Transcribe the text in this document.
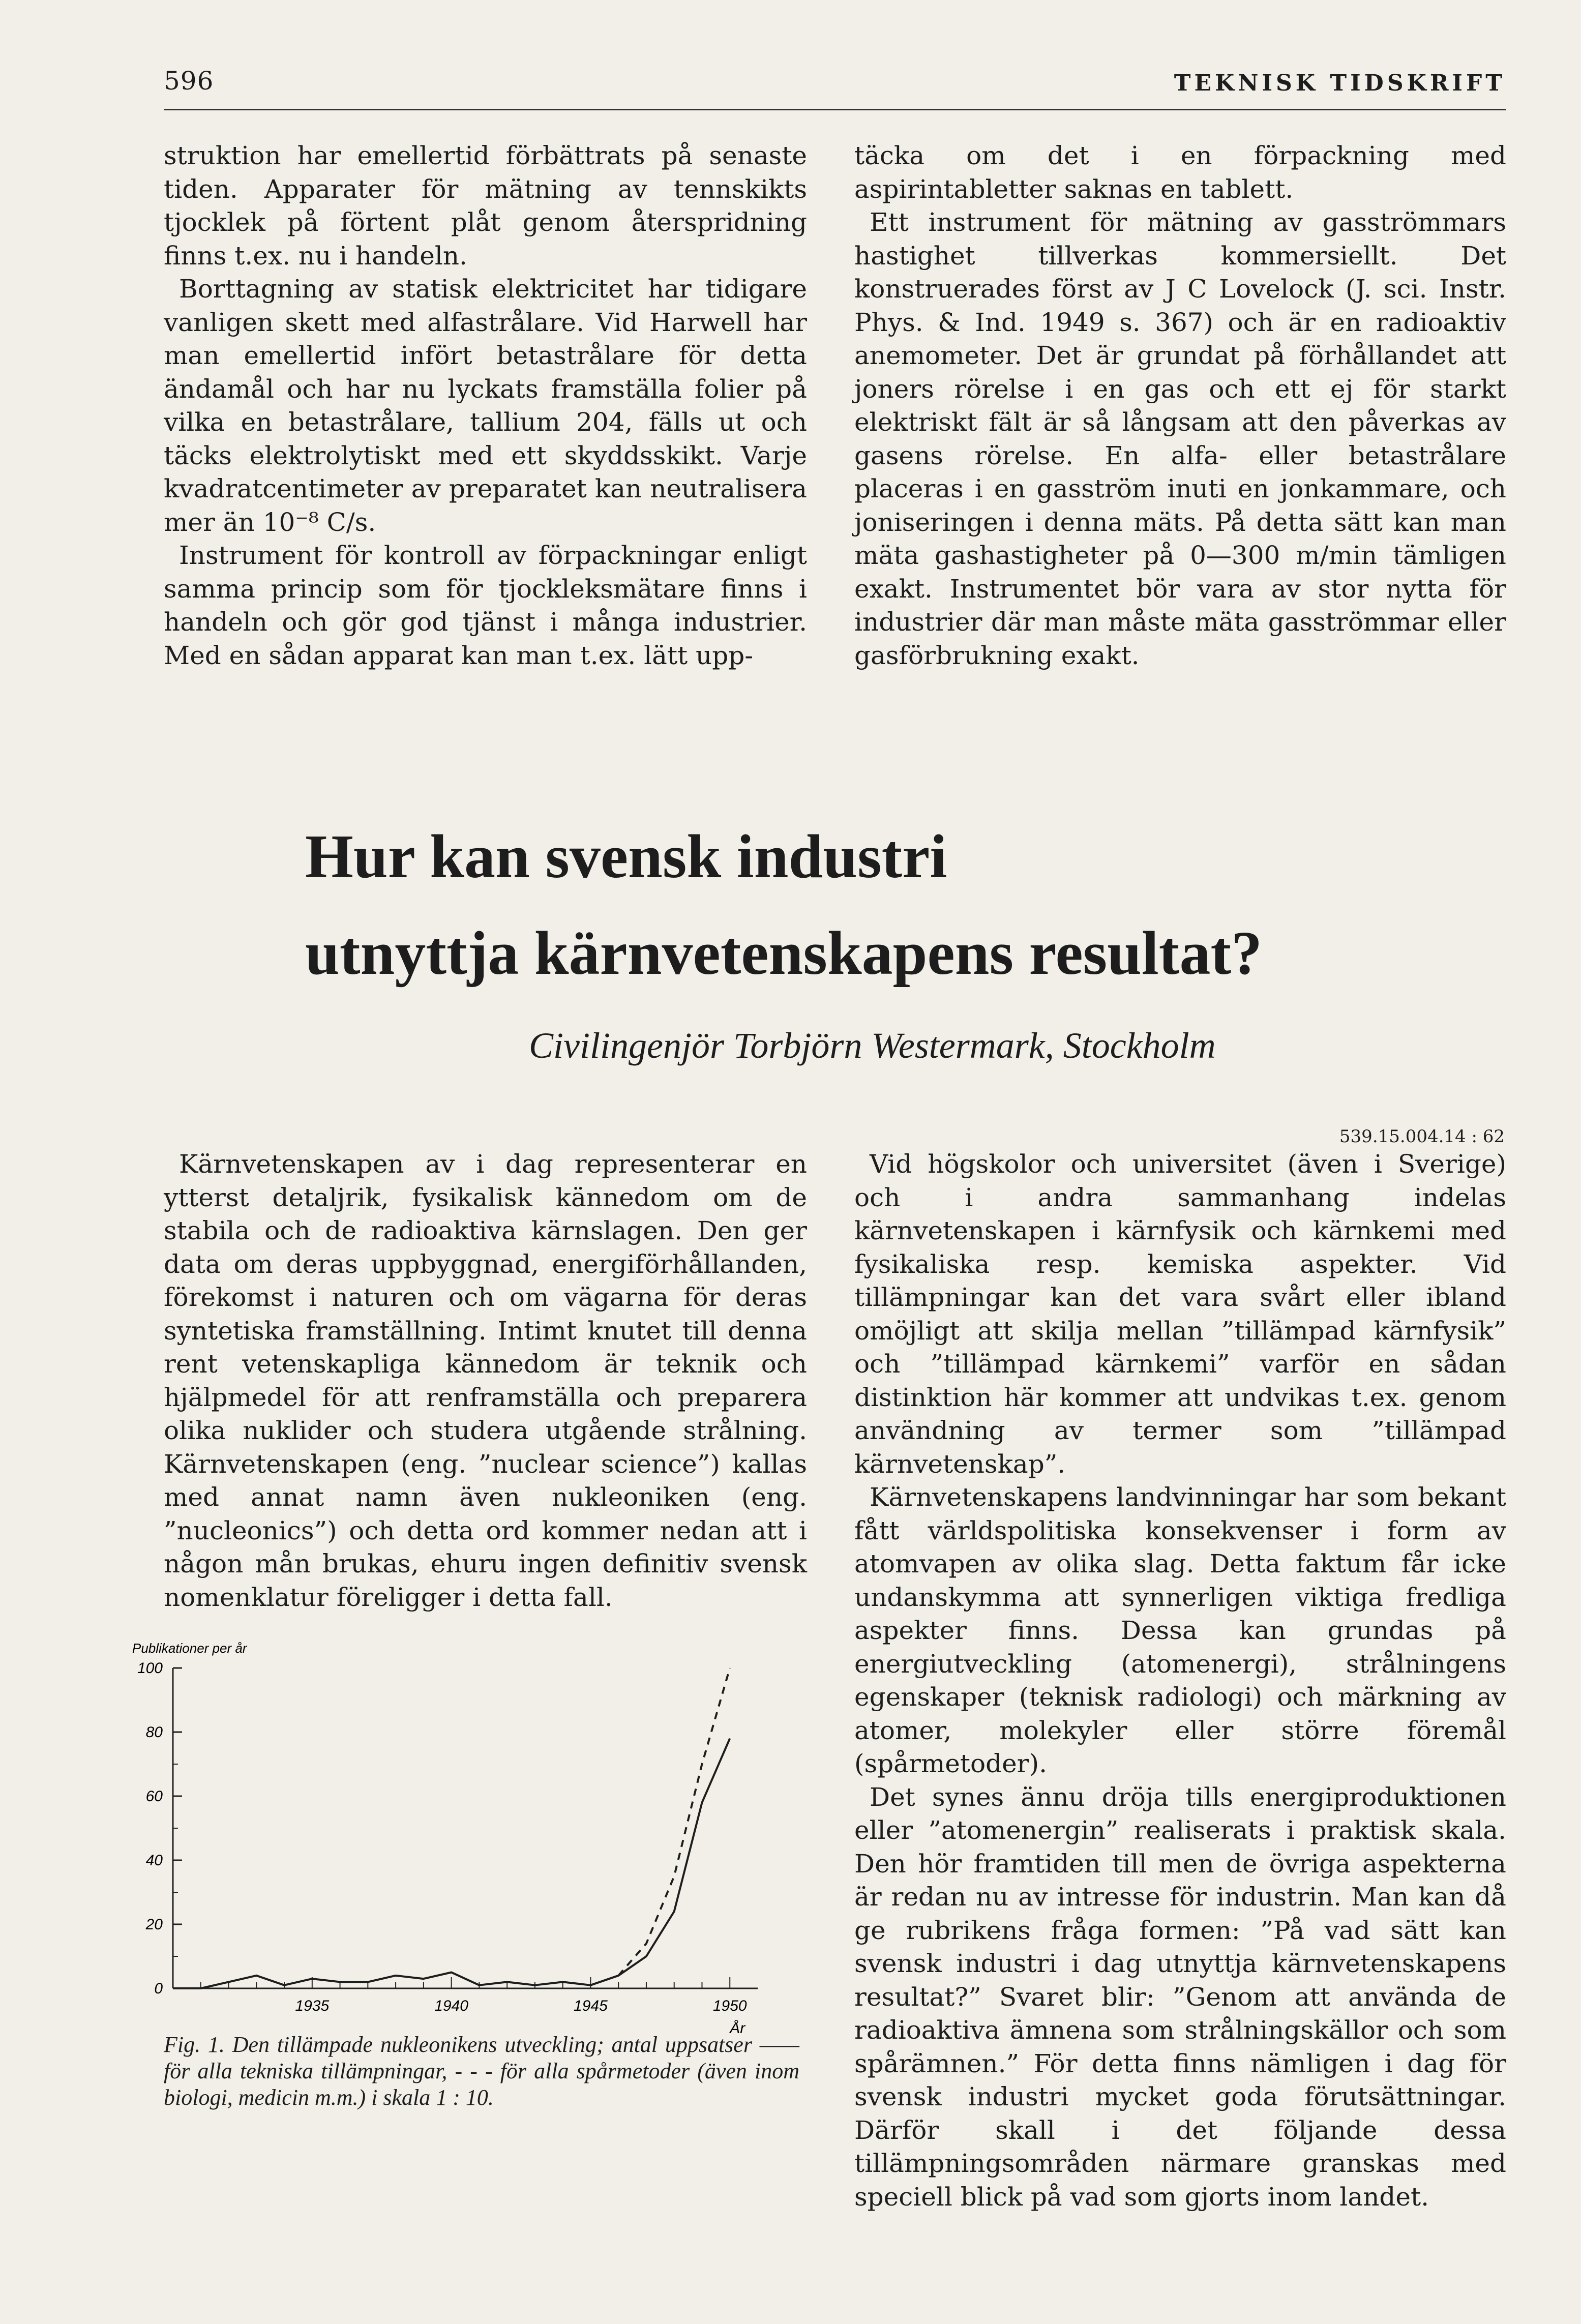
596	TEKNISK TIDSKRIFT

struktion har emellertid förbättrats på senaste tiden. Apparater för mätning av tennskikts tjocklek på förtent plåt genom återspridning finns t.ex. nu i handeln.

Borttagning av statisk elektricitet har tidigare vanligen skett med alfastrålare. Vid Harwell har man emellertid infört betastrålare för detta ändamål och har nu lyckats framställa folier på vilka en betastrålare, tallium 204, fälls ut och täcks elektrolytiskt med ett skyddsskikt. Varje kvadratcentimeter av preparatet kan neutralisera mer än 10⁻⁸ C/s.

Instrument för kontroll av förpackningar enligt samma princip som för tjockleksmätare finns i handeln och gör god tjänst i många industrier. Med en sådan apparat kan man t.ex. lätt upp-

täcka om det i en förpackning med aspirintabletter saknas en tablett.

Ett instrument för mätning av gasströmmars hastighet tillverkas kommersiellt. Det konstruerades först av J C Lovelock (J. sci. Instr. Phys. & Ind. 1949 s. 367) och är en radioaktiv anemometer. Det är grundat på förhållandet att joners rörelse i en gas och ett ej för starkt elektriskt fält är så långsam att den påverkas av gasens rörelse. En alfa- eller betastrålare placeras i en gasström inuti en jonkammare, och joniseringen i denna mäts. På detta sätt kan man mäta gashastigheter på 0—300 m/min tämligen exakt. Instrumentet bör vara av stor nytta för industrier där man måste mäta gasströmmar eller gasförbrukning exakt.

Hur kan svensk industri
utnyttja kärnvetenskapens resultat?
Civilingenjör Torbjörn Westermark, Stockholm
539.15.004.14 : 62

Kärnvetenskapen av i dag representerar en ytterst detaljrik, fysikalisk kännedom om de stabila och de radioaktiva kärnslagen. Den ger data om deras uppbyggnad, energiförhållanden, förekomst i naturen och om vägarna för deras syntetiska framställning. Intimt knutet till denna rent vetenskapliga kännedom är teknik och hjälpmedel för att renframställa och preparera olika nuklider och studera utgående strålning. Kärnvetenskapen (eng. ”nuclear science”) kallas med annat namn även nukleoniken (eng. ”nucleonics”) och detta ord kommer nedan att i någon mån brukas, ehuru ingen definitiv svensk nomenklatur föreligger i detta fall.

Vid högskolor och universitet (även i Sverige) och i andra sammanhang indelas kärnvetenskapen i kärnfysik och kärnkemi med fysikaliska resp. kemiska aspekter. Vid tillämpningar kan det vara svårt eller ibland omöjligt att skilja mellan ”tillämpad kärnfysik” och ”tillämpad kärnkemi” varför en sådan distinktion här kommer att undvikas t.ex. genom användning av termer som ”tillämpad kärnvetenskap”.

Kärnvetenskapens landvinningar har som bekant fått världspolitiska konsekvenser i form av atomvapen av olika slag. Detta faktum får icke undanskymma att synnerligen viktiga fredliga aspekter finns. Dessa kan grundas på energiutveckling (atomenergi), strålningens egenskaper (teknisk radiologi) och märkning av atomer, molekyler eller större föremål (spårmetoder).

Det synes ännu dröja tills energiproduktionen eller ”atomenergin” realiserats i praktisk skala. Den hör framtiden till men de övriga aspekterna är redan nu av intresse för industrin. Man kan då ge rubrikens fråga formen: ”På vad sätt kan svensk industri i dag utnyttja kärnvetenskapens resultat?” Svaret blir: ”Genom att använda de radioaktiva ämnena som strålningskällor och som spårämnen.” För detta finns nämligen i dag för svensk industri mycket goda förutsättningar. Därför skall i det följande dessa tillämpningsområden närmare granskas med speciell blick på vad som gjorts inom landet.

Publikationer per år
0
20
40
60
80
100
1935	1940	1945	1950
År
Fig. 1. Den tillämpade nukleonikens utveckling; antal uppsatser —— för alla tekniska tillämpningar, - - - för alla spårmetoder (även inom biologi, medicin m.m.) i skala 1 : 10.
